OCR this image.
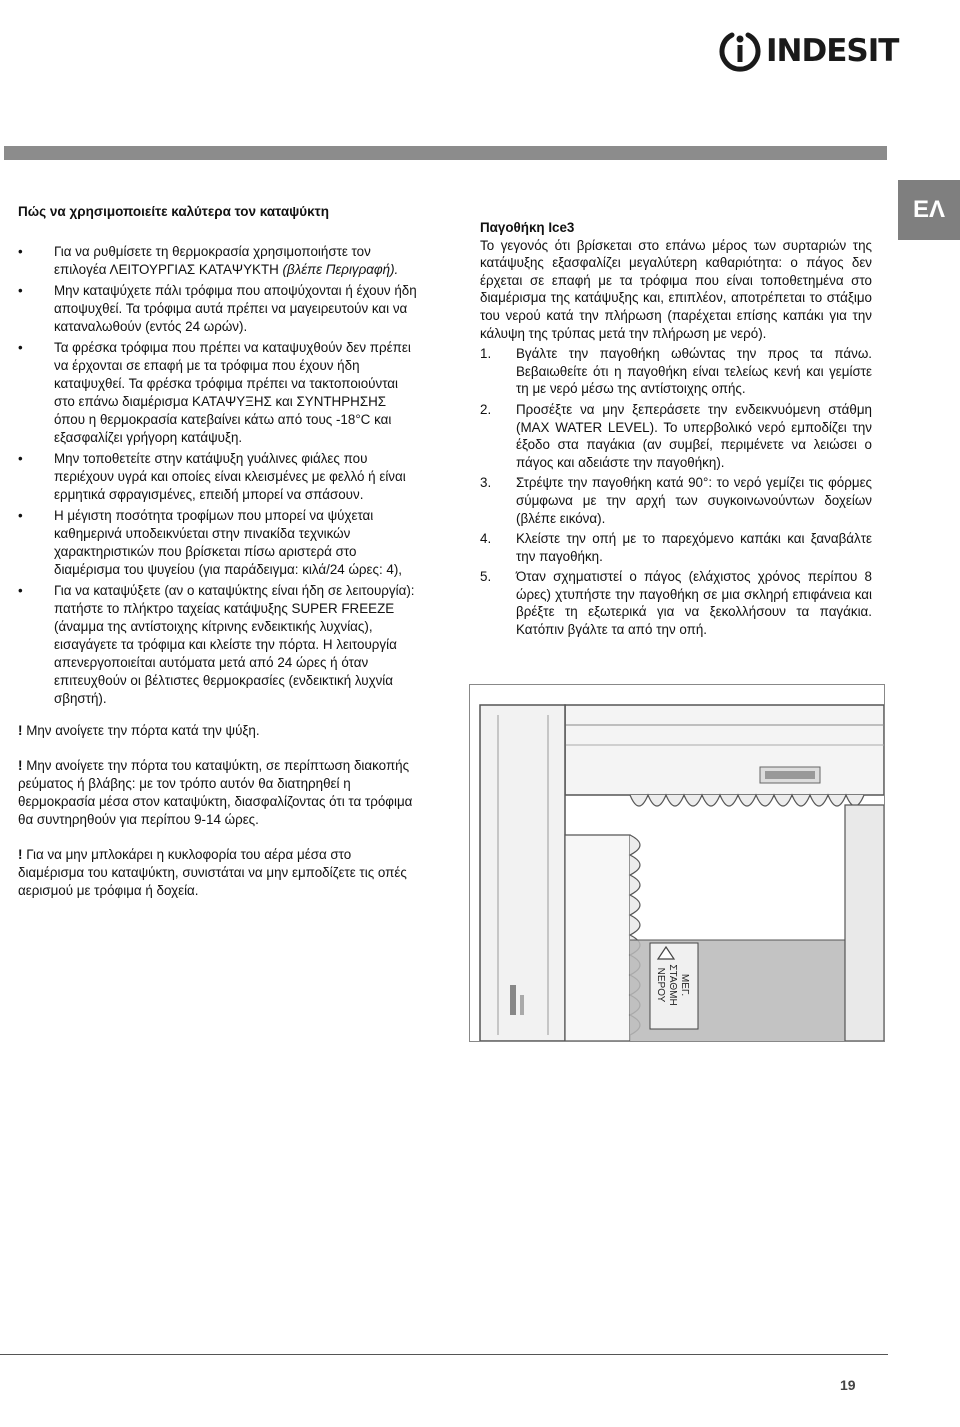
INDESIT
ΕΛ

Πώς να χρησιμοποιείτε καλύτερα τον καταψύκτη

• Για να ρυθμίσετε τη θερμοκρασία χρησιμοποιήστε τον επιλογέα ΛΕΙΤΟΥΡΓΙΑΣ ΚΑΤΑΨΥΚΤΗ (βλέπε Περιγραφή).
• Μην καταψύχετε πάλι τρόφιμα που αποψύχονται ή έχουν ήδη αποψυχθεί. Τα τρόφιμα αυτά πρέπει να μαγειρευτούν και να καταναλωθούν (εντός 24 ωρών).
• Τα φρέσκα τρόφιμα που πρέπει να καταψυχθούν δεν πρέπει να έρχονται σε επαφή με τα τρόφιμα που έχουν ήδη καταψυχθεί. Τα φρέσκα τρόφιμα πρέπει να τακτοποιούνται στο επάνω διαμέρισμα ΚΑΤΑΨΥΞΗΣ και ΣΥΝΤΗΡΗΣΗΣ όπου η θερμοκρασία κατεβαίνει κάτω από τους -18°C και εξασφαλίζει γρήγορη κατάψυξη.
• Μην τοποθετείτε στην κατάψυξη γυάλινες φιάλες που περιέχουν υγρά και οποίες είναι κλεισμένες με φελλό ή είναι ερμητικά σφραγισμένες, επειδή μπορεί να σπάσουν.
• Η μέγιστη ποσότητα τροφίμων που μπορεί να ψύχεται καθημερινά υποδεικνύεται στην πινακίδα τεχνικών χαρακτηριστικών που βρίσκεται πίσω αριστερά στο διαμέρισμα του ψυγείου (για παράδειγμα: κιλά/24 ώρες: 4),
• Για να καταψύξετε (αν ο καταψύκτης είναι ήδη σε λειτουργία): πατήστε το πλήκτρο ταχείας κατάψυξης SUPER FREEZE (άναμμα της αντίστοιχης κίτρινης ενδεικτικής λυχνίας), εισαγάγετε τα τρόφιμα και κλείστε την πόρτα. Η λειτουργία απενεργοποιείται αυτόματα μετά από 24 ώρες ή όταν επιτευχθούν οι βέλτιστες θερμοκρασίες (ενδεικτική λυχνία σβηστή).

! Μην ανοίγετε την πόρτα κατά την ψύξη.

! Μην ανοίγετε την πόρτα του καταψύκτη, σε περίπτωση διακοπής ρεύματος ή βλάβης: με τον τρόπο αυτόν θα διατηρηθεί η θερμοκρασία μέσα στον καταψύκτη, διασφαλίζοντας ότι τα τρόφιμα θα συντηρηθούν για περίπου 9-14 ώρες.

! Για να μην μπλοκάρει η κυκλοφορία του αέρα μέσα στο διαμέρισμα του καταψύκτη, συνιστάται να μην εμποδίζετε τις οπές αερισμού με τρόφιμα ή δοχεία.

Παγοθήκη Ice3

Το γεγονός ότι βρίσκεται στο επάνω μέρος των συρταριών της κατάψυξης εξασφαλίζει μεγαλύτερη καθαριότητα: ο πάγος δεν έρχεται σε επαφή με τα τρόφιμα που είναι τοποθετημένα στο διαμέρισμα της κατάψυξης και, επιπλέον, αποτρέπεται το στάξιμο του νερού κατά την πλήρωση (παρέχεται επίσης καπάκι για την κάλυψη της τρύπας μετά την πλήρωση με νερό).

1. Βγάλτε την παγοθήκη ωθώντας την προς τα πάνω. Βεβαιωθείτε ότι η παγοθήκη είναι τελείως κενή και γεμίστε τη με νερό μέσω της αντίστοιχης οπής.
2. Προσέξτε να μην ξεπεράσετε την ενδεικνυόμενη στάθμη (MAX WATER LEVEL). Το υπερβολικό νερό εμποδίζει την έξοδο στα παγάκια (αν συμβεί, περιμένετε να λειώσει ο πάγος και αδειάστε την παγοθήκη).
3. Στρέψτε την παγοθήκη κατά 90°: το νερό γεμίζει τις φόρμες σύμφωνα με την αρχή των συγκοινωνούντων δοχείων (βλέπε εικόνα).
4. Κλείστε την οπή με το παρεχόμενο καπάκι και ξαναβάλτε την παγοθήκη.
5. Όταν σχηματιστεί ο πάγος (ελάχιστος χρόνος περίπου 8 ώρες) χτυπήστε την παγοθήκη σε μια σκληρή επιφάνεια και βρέξτε τη εξωτερικά για να ξεκολλήσουν τα παγάκια. Κατόπιν βγάλτε τα από την οπή.
ΜΕΓ.
ΣΤΑΘΜΗ
ΝΕΡΟΥ
19
